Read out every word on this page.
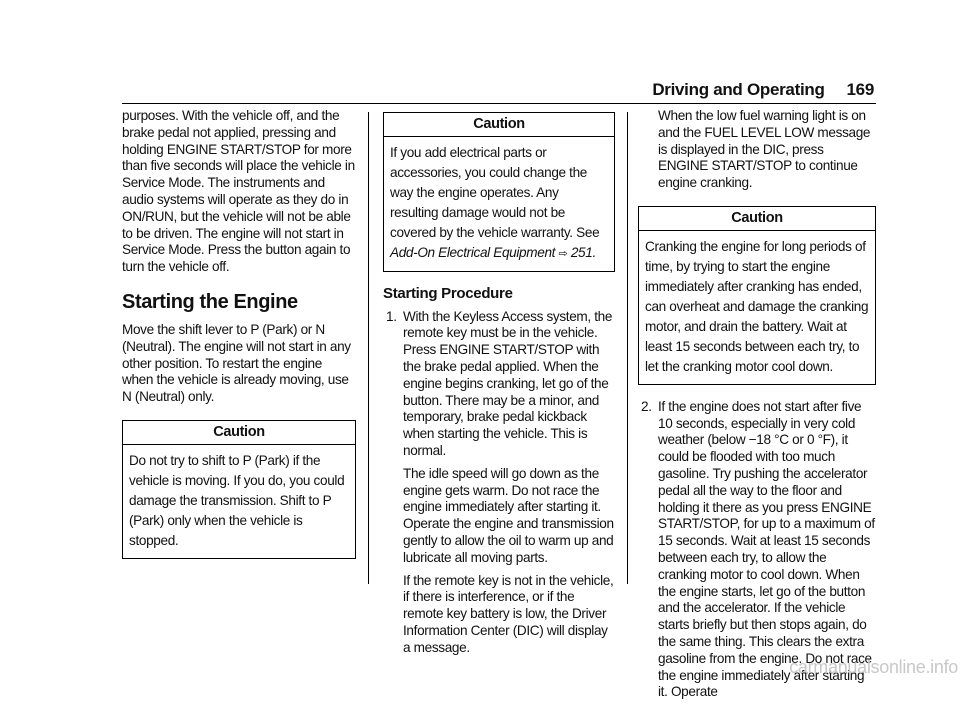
Driving and Operating 169

purposes. With the vehicle off, and the brake pedal not applied, pressing and holding ENGINE START/STOP for more than five seconds will place the vehicle in Service Mode. The instruments and audio systems will operate as they do in ON/RUN, but the vehicle will not be able to be driven. The engine will not start in Service Mode. Press the button again to turn the vehicle off.

Starting the Engine

Move the shift lever to P (Park) or N (Neutral). The engine will not start in any other position. To restart the engine when the vehicle is already moving, use N (Neutral) only.

Caution
Do not try to shift to P (Park) if the vehicle is moving. If you do, you could damage the transmission. Shift to P (Park) only when the vehicle is stopped.
Caution
If you add electrical parts or accessories, you could change the way the engine operates. Any resulting damage would not be covered by the vehicle warranty. See Add-On Electrical Equipment ⇨ 251.
Starting Procedure
1. With the Keyless Access system, the remote key must be in the vehicle. Press ENGINE START/STOP with the brake pedal applied. When the engine begins cranking, let go of the button. There may be a minor, and temporary, brake pedal kickback when starting the vehicle. This is normal.

The idle speed will go down as the engine gets warm. Do not race the engine immediately after starting it. Operate the engine and transmission gently to allow the oil to warm up and lubricate all moving parts.

If the remote key is not in the vehicle, if there is interference, or if the remote key battery is low, the Driver Information Center (DIC) will display a message.

When the low fuel warning light is on and the FUEL LEVEL LOW message is displayed in the DIC, press ENGINE START/STOP to continue engine cranking.

Caution
Cranking the engine for long periods of time, by trying to start the engine immediately after cranking has ended, can overheat and damage the cranking motor, and drain the battery. Wait at least 15 seconds between each try, to let the cranking motor cool down.
2. If the engine does not start after five 10 seconds, especially in very cold weather (below −18 °C or 0 °F), it could be flooded with too much gasoline. Try pushing the accelerator pedal all the way to the floor and holding it there as you press ENGINE START/STOP, for up to a maximum of 15 seconds. Wait at least 15 seconds between each try, to allow the cranking motor to cool down. When the engine starts, let go of the button and the accelerator. If the vehicle starts briefly but then stops again, do the same thing. This clears the extra gasoline from the engine. Do not race the engine immediately after starting it. Operate

carmanualsonline.info
